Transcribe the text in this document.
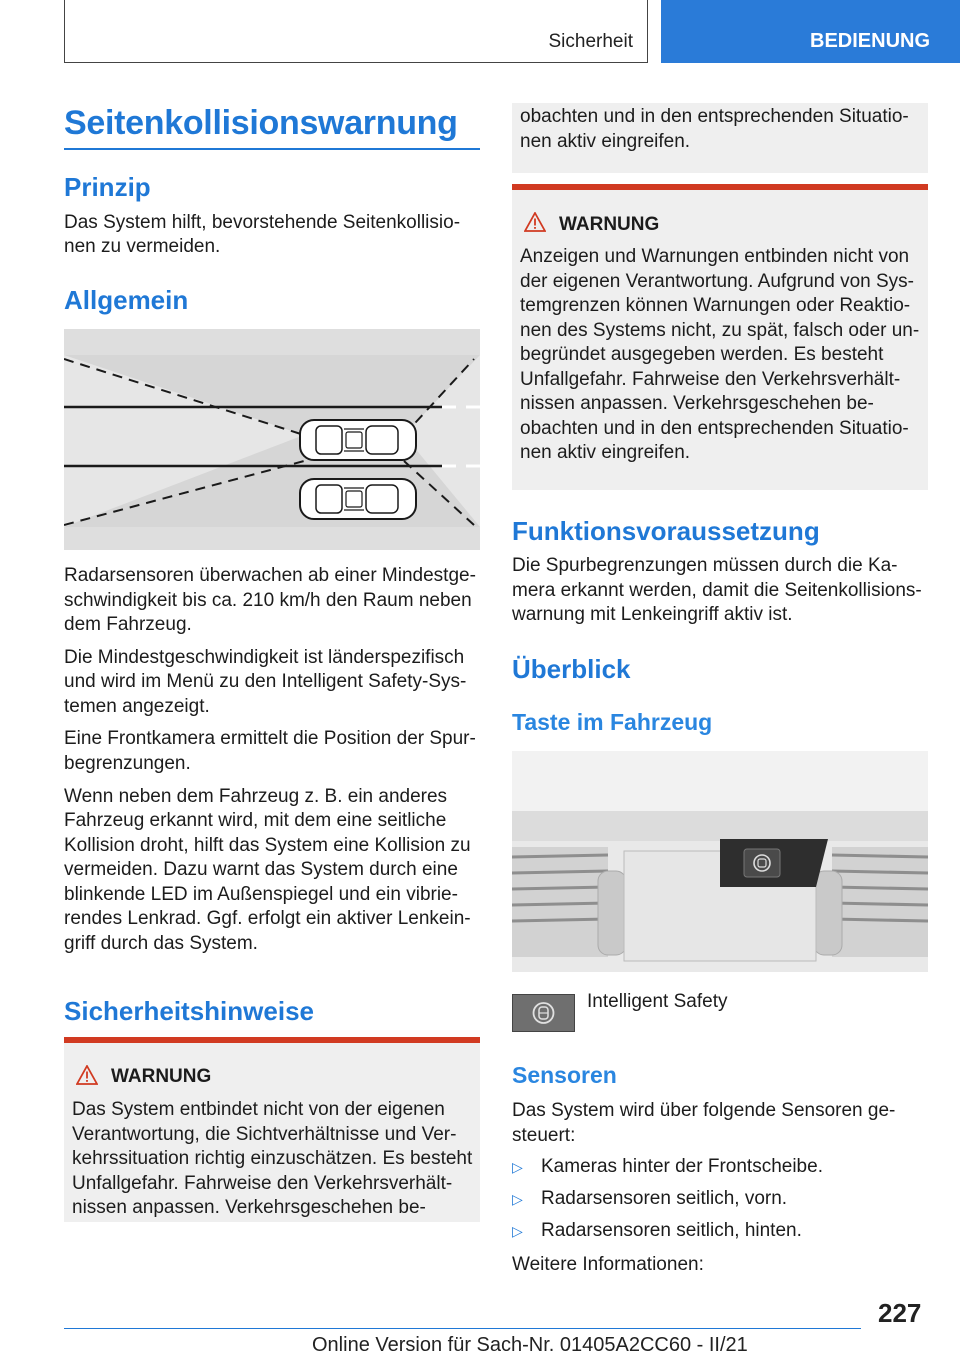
Sicherheit	BEDIENUNG
Seitenkollisionswarnung
Prinzip

Das System hilft, bevorstehende Seitenkollisio-

nen zu vermeiden.

Allgemein

Radarsensoren überwachen ab einer Mindestge-

schwindigkeit bis ca. 210 km/h den Raum neben

dem Fahrzeug.

Die Mindestgeschwindigkeit ist länderspezifisch

und wird im Menü zu den Intelligent Safety-Sys-

temen angezeigt.

Eine Frontkamera ermittelt die Position der Spur-

begrenzungen.

Wenn neben dem Fahrzeug z. B. ein anderes

Fahrzeug erkannt wird, mit dem eine seitliche

Kollision droht, hilft das System eine Kollision zu

vermeiden. Dazu warnt das System durch eine

blinkende LED im Außenspiegel und ein vibrie-

rendes Lenkrad. Ggf. erfolgt ein aktiver Lenkein-

griff durch das System.

Sicherheitshinweise
WARNUNG

Das System entbindet nicht von der eigenen

Verantwortung, die Sichtverhältnisse und Ver-

kehrssituation richtig einzuschätzen. Es besteht

Unfallgefahr. Fahrweise den Verkehrsverhält-

nissen anpassen. Verkehrsgeschehen be-

obachten und in den entsprechenden Situatio-

nen aktiv eingreifen.

WARNUNG

Anzeigen und Warnungen entbinden nicht von

der eigenen Verantwortung. Aufgrund von Sys-

temgrenzen können Warnungen oder Reaktio-

nen des Systems nicht, zu spät, falsch oder un-

begründet ausgegeben werden. Es besteht

Unfallgefahr. Fahrweise den Verkehrsverhält-

nissen anpassen. Verkehrsgeschehen be-

obachten und in den entsprechenden Situatio-

nen aktiv eingreifen.

Funktionsvoraussetzung

Die Spurbegrenzungen müssen durch die Ka-

mera erkannt werden, damit die Seitenkollisions-

warnung mit Lenkeingriff aktiv ist.

Überblick
Taste im Fahrzeug

Intelligent Safety

Sensoren

Das System wird über folgende Sensoren ge-

steuert:

▷ Kameras hinter der Frontscheibe.
▷ Radarsensoren seitlich, vorn.
▷ Radarsensoren seitlich, hinten.

Weitere Informationen:

227
Online Version für Sach-Nr. 01405A2CC60 - II/21
